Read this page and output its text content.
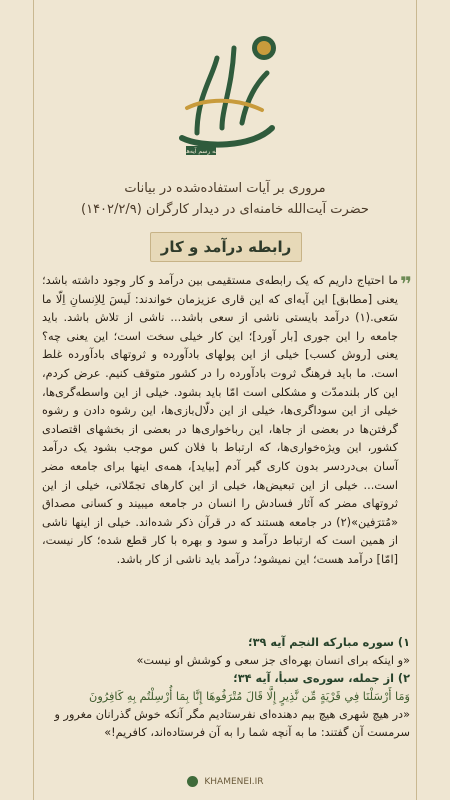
به رسم آیه‌ها
مروری بر آیات استفاده‌شده در بیانات
حضرت آیت‌الله خامنه‌ای در دیدار کارگران (۱۴۰۲/۲/۹)
رابطه درآمد و کار
❞
ما احتیاج داریم که یک رابطه‌ی مستقیمی بین درآمد و کار وجود داشته باشد؛ یعنی [مطابق] این آیه‌ای که این قاری عزیزمان خواندند: لَیسَ لِلاِنسانِ اِلّا ما سَعی.(۱) درآمد بایستی ناشی از سعی باشد... ناشی از تلاش باشد. باید جامعه را این جوری [بار آورد]؛ این کار خیلی سخت است؛ این یعنی چه؟ یعنی [روش کسب] خیلی از این پولهای بادآورده و ثروتهای بادآورده غلط است. ما باید فرهنگ ثروت بادآورده را در کشور متوقف کنیم. عرض کردم، این کار بلندمدّت و مشکلی است امّا باید بشود. خیلی از این واسطه‌گری‌ها، خیلی از این سوداگری‌ها، خیلی از این دلّال‌بازی‌ها، این رشوه دادن و رشوه گرفتن‌ها در بعضی از جاها، این رباخواری‌ها در بعضی از بخشهای اقتصادی کشور، این ویژه‌خواری‌ها، که ارتباط با فلان کس موجب بشود یک درآمد آسان بی‌دردسر بدون کاری گیر آدم [بیاید]، همه‌ی اینها برای جامعه مضر است... خیلی از این تبعیض‌ها، خیلی از این کارهای تجمّلاتی، خیلی از این ثروتهای مضر که آثار فسادش را انسان در جامعه میبیند و کسانی مصداق «مُترَفین»(۲) در جامعه هستند که در قرآن ذکر شده‌اند. خیلی از اینها ناشی از همین است که ارتباط درآمد و سود و بهره با کار قطع شده؛ کار نیست، [امّا] درآمد هست؛ این نمیشود؛ درآمد باید ناشی از کار باشد.
۱) سوره مبارکه النجم آیه ۳۹؛
«و اینکه برای انسان بهره‌ای جز سعی و کوشش او نیست»
۲) از جمله، سوره‌ی سبأ، آیه ۳۴؛
وَمَا أَرْسَلْنَا فِي قَرْيَةٍ مِّن نَّذِيرٍ إِلَّا قَالَ مُتْرَفُوهَا إِنَّا بِمَا أُرْسِلْتُم بِهِ كَافِرُونَ
«در هیچ شهری هیچ بیم دهنده‌ای نفرستادیم مگر آنکه خوش گذرانان مغرور و سرمست آن گفتند: ما به آنچه شما را به آن فرستاده‌اند، کافریم!»
KHAMENEI.IR
